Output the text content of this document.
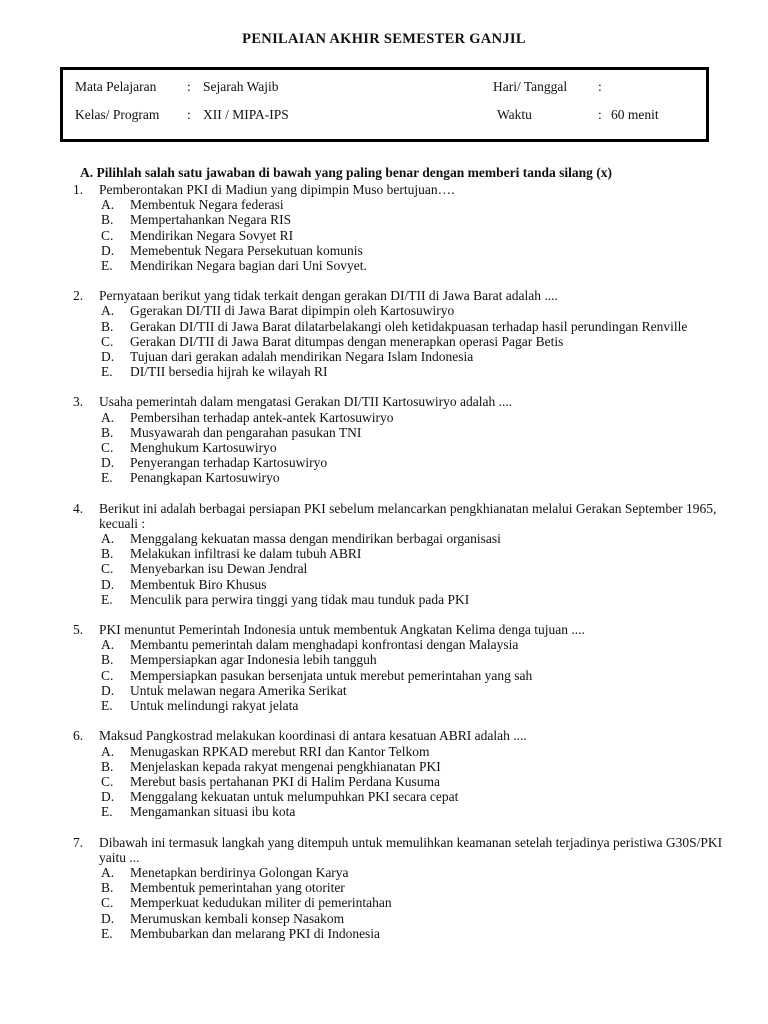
PENILAIAN AKHIR SEMESTER GANJIL
Mata Pelajaran : Sejarah Wajib	Hari/ Tanggal :
Kelas/ Program : XII / MIPA-IPS	Waktu	: 60 menit
A. Pilihlah salah satu jawaban di bawah yang paling benar dengan memberi tanda silang (x)
1.	Pemberontakan PKI di Madiun yang dipimpin Muso bertujuan….
A.	Membentuk Negara federasi
B.	Mempertahankan Negara RIS
C.	Mendirikan Negara Sovyet RI
D.	Memebentuk Negara Persekutuan komunis
E.	Mendirikan Negara bagian dari Uni Sovyet.
2.	Pernyataan berikut yang tidak terkait dengan gerakan DI/TII di Jawa Barat adalah ....
A.	Ggerakan DI/TII di Jawa Barat dipimpin oleh Kartosuwiryo
B.	Gerakan DI/TII di Jawa Barat dilatarbelakangi oleh ketidakpuasan terhadap hasil perundingan Renville
C.	Gerakan DI/TII di Jawa Barat ditumpas dengan menerapkan operasi Pagar Betis
D.	Tujuan dari gerakan adalah mendirikan Negara Islam Indonesia
E.	DI/TII bersedia hijrah ke wilayah RI
3.	Usaha pemerintah dalam mengatasi Gerakan DI/TII Kartosuwiryo adalah ....
A.	Pembersihan terhadap antek-antek Kartosuwiryo
B.	Musyawarah dan pengarahan pasukan TNI
C.	Menghukum Kartosuwiryo
D.	Penyerangan terhadap Kartosuwiryo
E.	Penangkapan Kartosuwiryo
4.	Berikut ini adalah berbagai persiapan PKI sebelum melancarkan pengkhianatan melalui Gerakan September 1965, kecuali :
A.	Menggalang kekuatan massa dengan mendirikan berbagai organisasi
B.	Melakukan infiltrasi ke dalam tubuh ABRI
C.	Menyebarkan isu Dewan Jendral
D.	Membentuk Biro Khusus
E.	Menculik para perwira tinggi yang tidak mau tunduk pada PKI
5.	PKI menuntut Pemerintah Indonesia untuk membentuk Angkatan Kelima denga tujuan ....
A.	Membantu pemerintah dalam menghadapi konfrontasi dengan Malaysia
B.	Mempersiapkan agar Indonesia lebih tangguh
C.	Mempersiapkan pasukan bersenjata untuk merebut pemerintahan yang sah
D.	Untuk melawan negara Amerika Serikat
E.	Untuk melindungi rakyat jelata
6.	Maksud Pangkostrad melakukan koordinasi di antara kesatuan ABRI adalah ....
A.	Menugaskan RPKAD merebut RRI dan Kantor Telkom
B.	Menjelaskan kepada rakyat mengenai pengkhianatan PKI
C.	Merebut basis pertahanan PKI di Halim Perdana Kusuma
D.	Menggalang kekuatan untuk melumpuhkan PKI secara cepat
E.	Mengamankan situasi ibu kota
7.	Dibawah ini termasuk langkah yang ditempuh untuk memulihkan keamanan setelah terjadinya peristiwa G30S/PKI yaitu ...
A.	Menetapkan berdirinya Golongan Karya
B.	Membentuk pemerintahan yang otoriter
C.	Memperkuat kedudukan militer di pemerintahan
D.	Merumuskan kembali konsep Nasakom
E.	Membubarkan dan melarang PKI di Indonesia
